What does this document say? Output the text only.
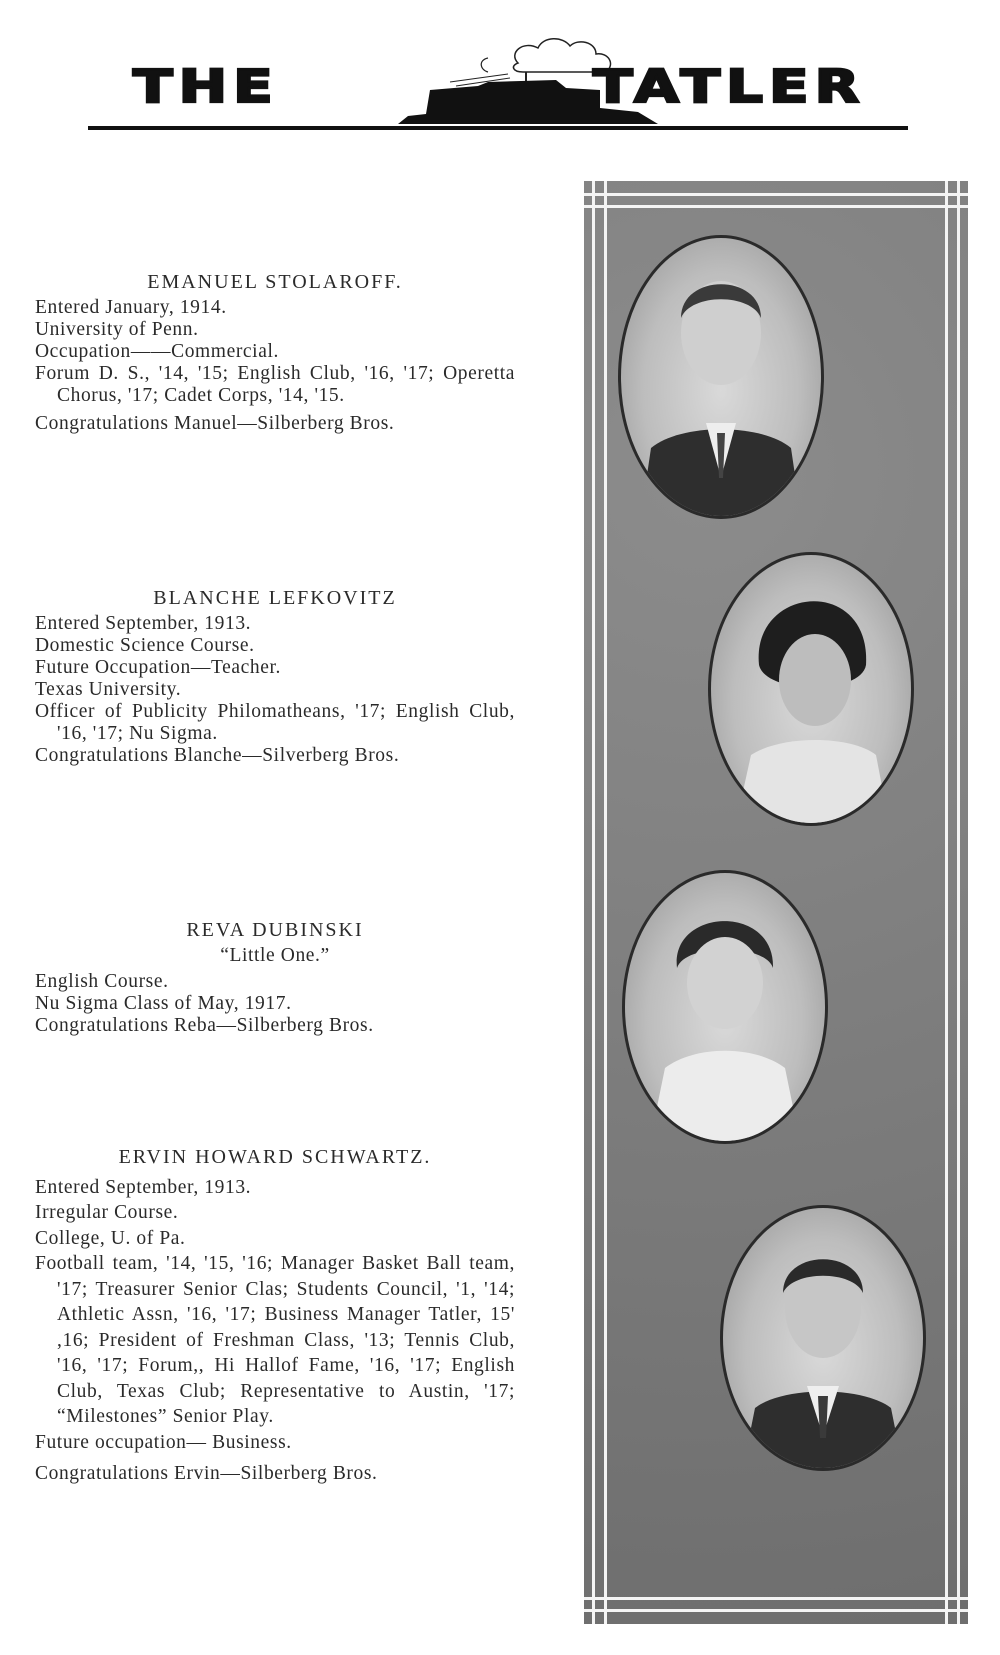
THE	TATLER
EMANUEL STOLAROFF.
Entered January, 1914.
University of Penn.
Occupation——Commercial.
Forum D. S., '14, '15; English Club, '16, '17; Operetta Chorus, '17; Cadet Corps, '14, '15.
Congratulations Manuel—Silberberg Bros.
BLANCHE LEFKOVITZ
Entered September, 1913.
Domestic Science Course.
Future Occupation—Teacher.
Texas University.
Officer of Publicity Philomatheans, '17; English Club, '16, '17; Nu Sigma.
Congratulations Blanche—Silverberg Bros.
REVA DUBINSKI
“Little One.”
English Course.
Nu Sigma Class of May, 1917.
Congratulations Reba—Silberberg Bros.
ERVIN HOWARD SCHWARTZ.
Entered September, 1913.
Irregular Course.
College, U. of Pa.
Football team, '14, '15, '16; Manager Basket Ball team, '17; Treasurer Senior Clas; Students Council, '1, '14; Athletic Assn, '16, '17; Business Manager Tatler, 15' ,16; President of Freshman Class, '13; Tennis Club, '16, '17; Forum,, Hi Hallof Fame, '16, '17; English Club, Texas Club; Representative to Austin, '17; “Milestones” Senior Play.
Future occupation— Business.
Congratulations Ervin—Silberberg Bros.
